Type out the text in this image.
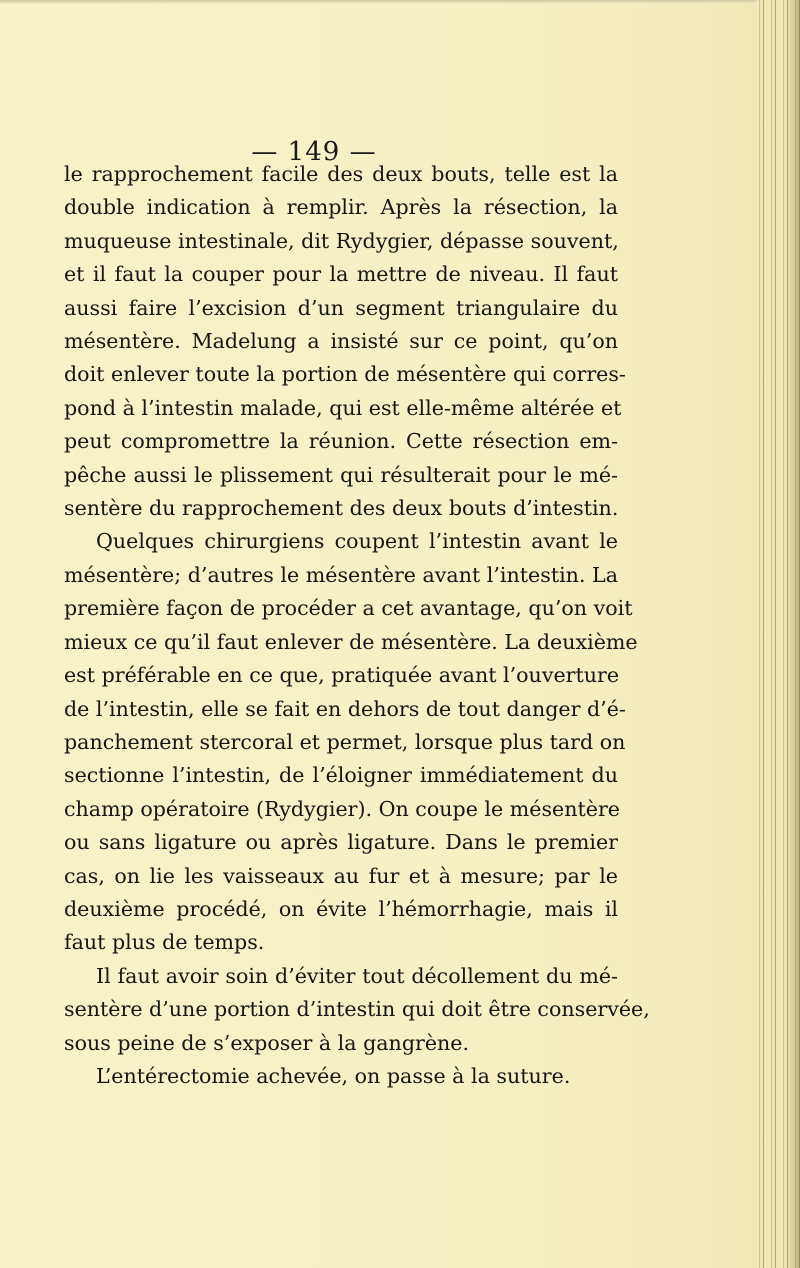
— 149 —
le rapprochement facile des deux bouts, telle est la
double indication à remplir. Après la résection, la
muqueuse intestinale, dit Rydygier, dépasse souvent,
et il faut la couper pour la mettre de niveau. Il faut
aussi faire l’excision d’un segment triangulaire du
mésentère. Madelung a insisté sur ce point, qu’on
doit enlever toute la portion de mésentère qui corres-
pond à l’intestin malade, qui est elle-même altérée et
peut compromettre la réunion. Cette résection em-
pêche aussi le plissement qui résulterait pour le mé-
sentère du rapprochement des deux bouts d’intestin.
Quelques chirurgiens coupent l’intestin avant le
mésentère; d’autres le mésentère avant l’intestin. La
première façon de procéder a cet avantage, qu’on voit
mieux ce qu’il faut enlever de mésentère. La deuxième
est préférable en ce que, pratiquée avant l’ouverture
de l’intestin, elle se fait en dehors de tout danger d’é-
panchement stercoral et permet, lorsque plus tard on
sectionne l’intestin, de l’éloigner immédiatement du
champ opératoire (Rydygier). On coupe le mésentère
ou sans ligature ou après ligature. Dans le premier
cas, on lie les vaisseaux au fur et à mesure; par le
deuxième procédé, on évite l’hémorrhagie, mais il
faut plus de temps.
Il faut avoir soin d’éviter tout décollement du mé-
sentère d’une portion d’intestin qui doit être conservée,
sous peine de s’exposer à la gangrène.
L’entérectomie achevée, on passe à la suture.
